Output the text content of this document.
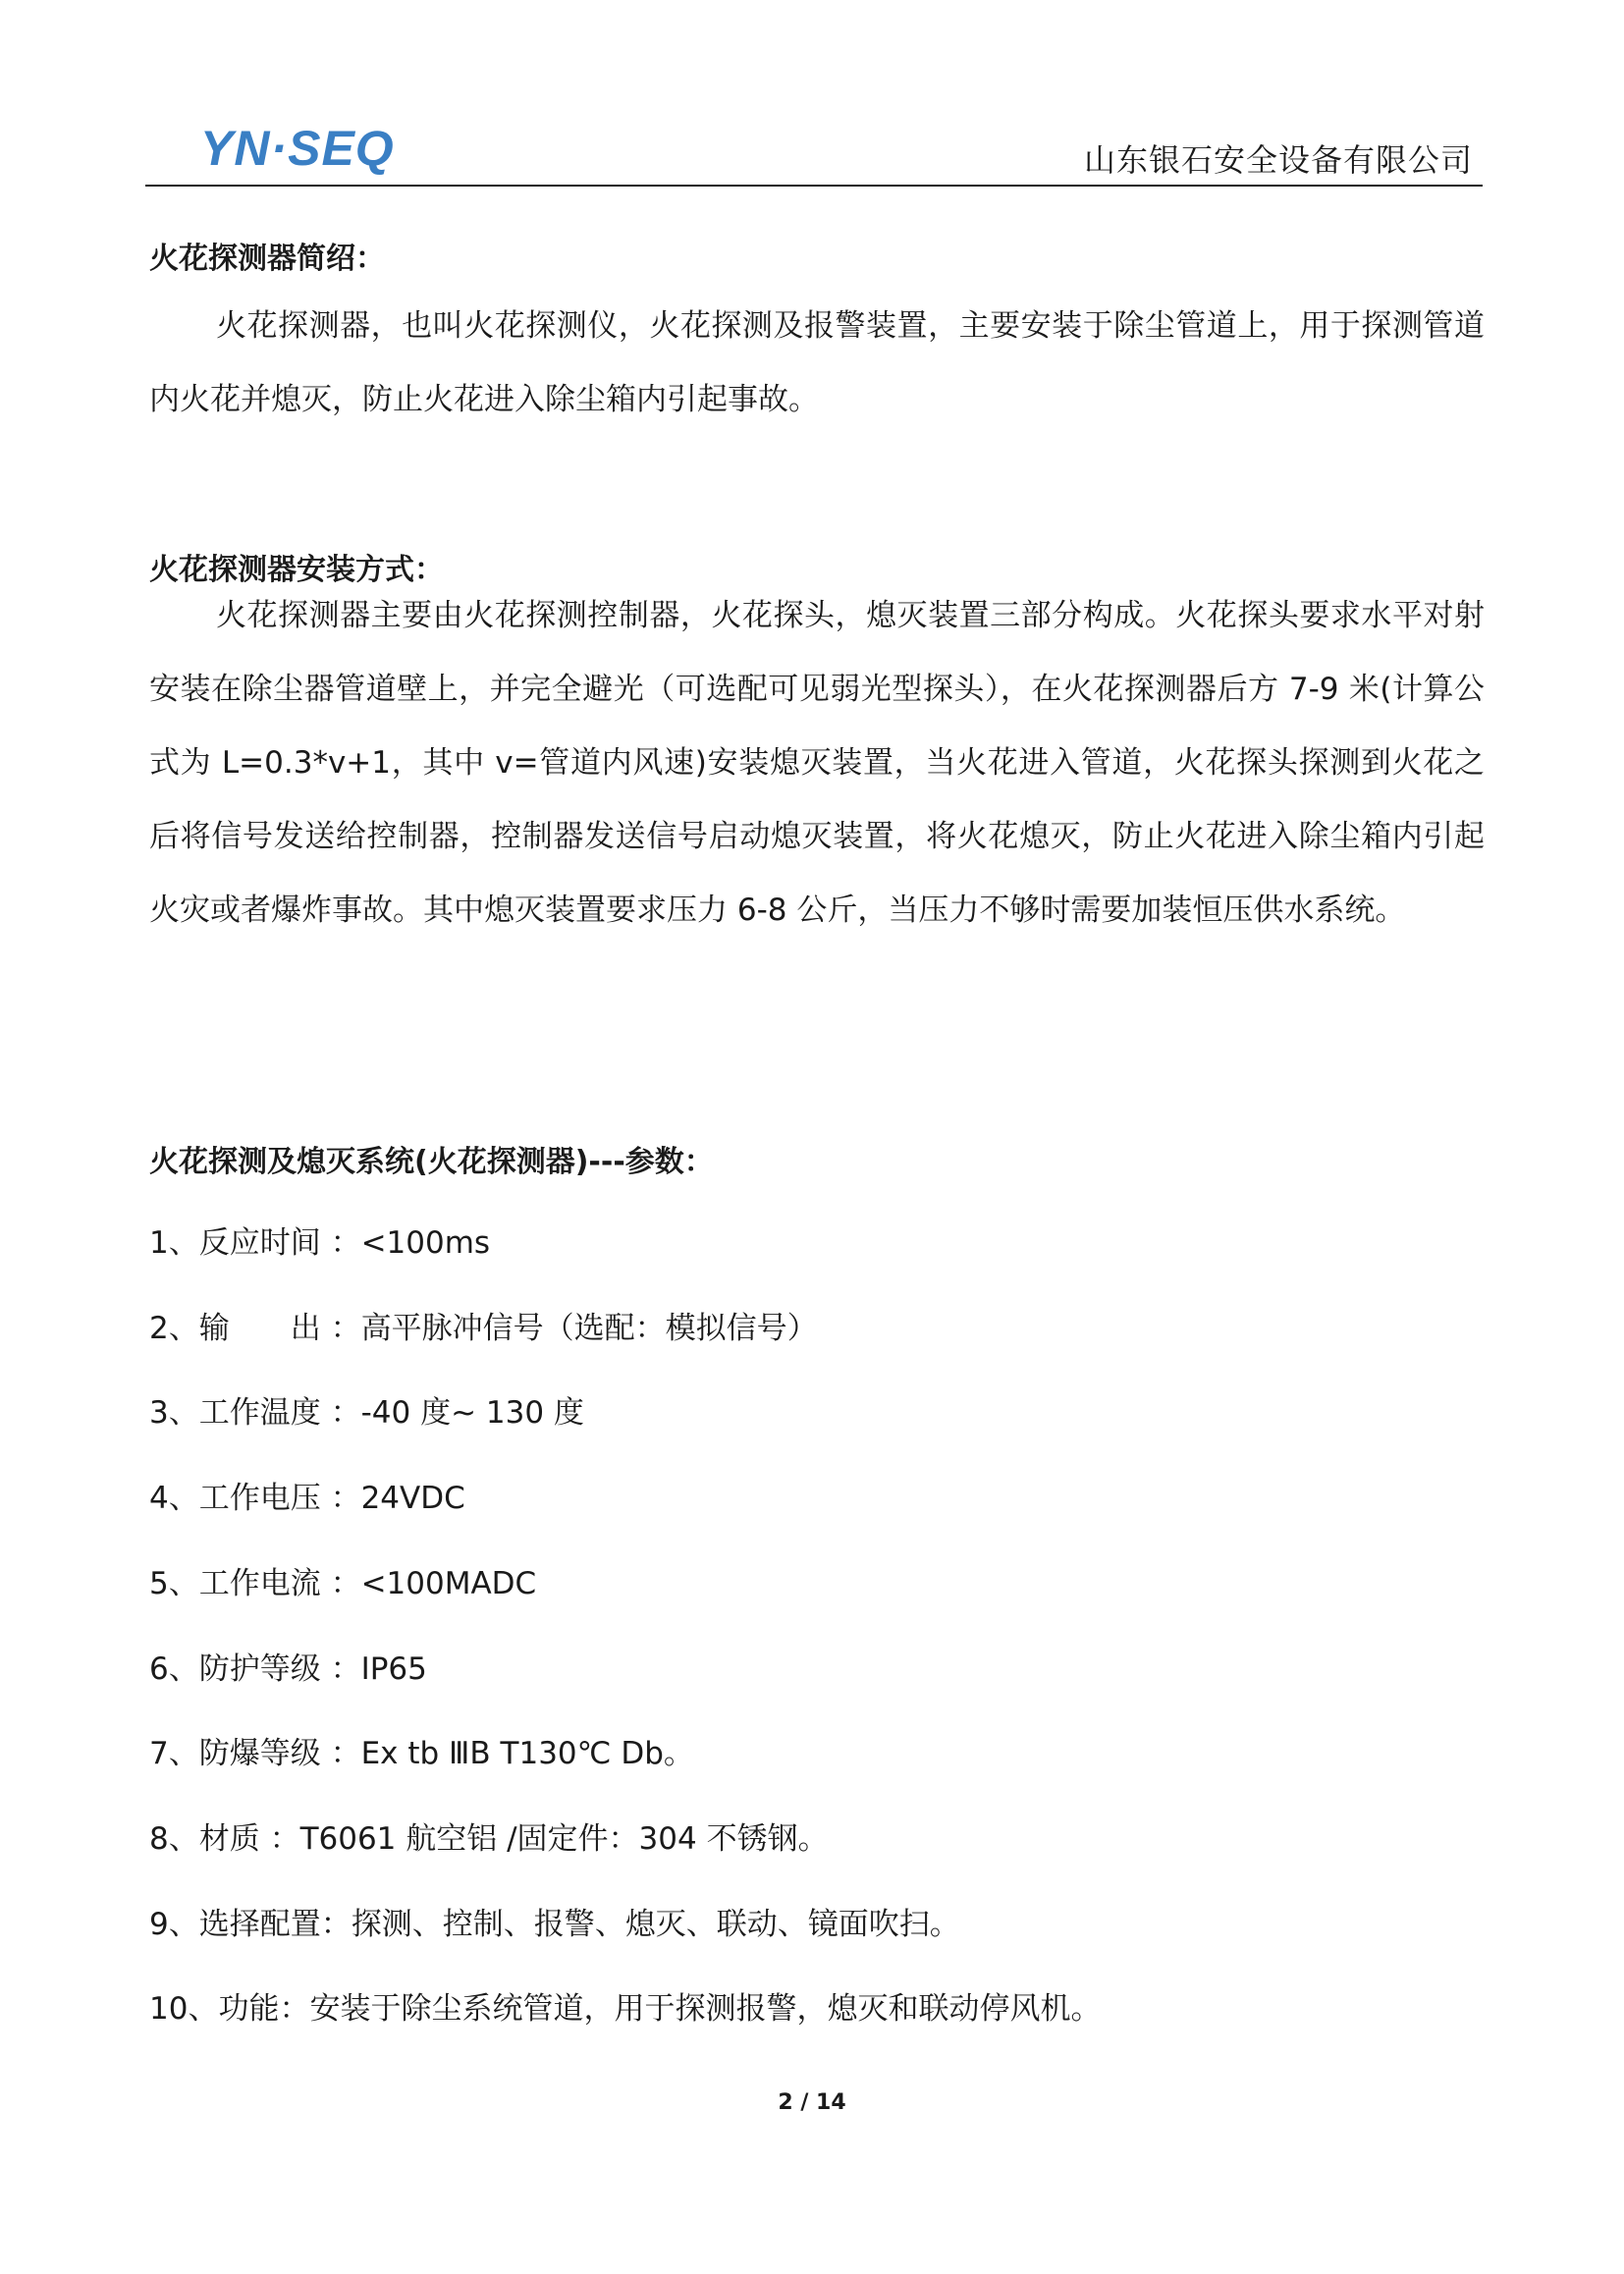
YN·SEQ	山东银石安全设备有限公司
火花探测器简绍：
火花探测器，也叫火花探测仪，火花探测及报警装置，主要安装于除尘管道上，用于探测管道内火花并熄灭，防止火花进入除尘箱内引起事故。
火花探测器安装方式：
火花探测器主要由火花探测控制器，火花探头，熄灭装置三部分构成。火花探头要求水平对射安装在除尘器管道壁上，并完全避光（可选配可见弱光型探头），在火花探测器后方 7-9 米(计算公式为 L=0.3*v+1，其中 v=管道内风速)安装熄灭装置，当火花进入管道，火花探头探测到火花之后将信号发送给控制器，控制器发送信号启动熄灭装置，将火花熄灭，防止火花进入除尘箱内引起火灾或者爆炸事故。其中熄灭装置要求压力 6-8 公斤，当压力不够时需要加装恒压供水系统。
火花探测及熄灭系统(火花探测器)---参数：
1、反应时间 ：<100ms
2、输　　出 ：高平脉冲信号（选配：模拟信号）
3、工作温度 ：-40 度~ 130 度
4、工作电压 ：24VDC
5、工作电流 ：<100MADC
6、防护等级 ：IP65
7、防爆等级 ：Ex tb ⅢB T130℃ Db。
8、材质 ：T6061 航空铝 /固定件：304 不锈钢。
9、选择配置：探测、控制、报警、熄灭、联动、镜面吹扫。
10、功能：安装于除尘系统管道，用于探测报警，熄灭和联动停风机。
2 / 14
